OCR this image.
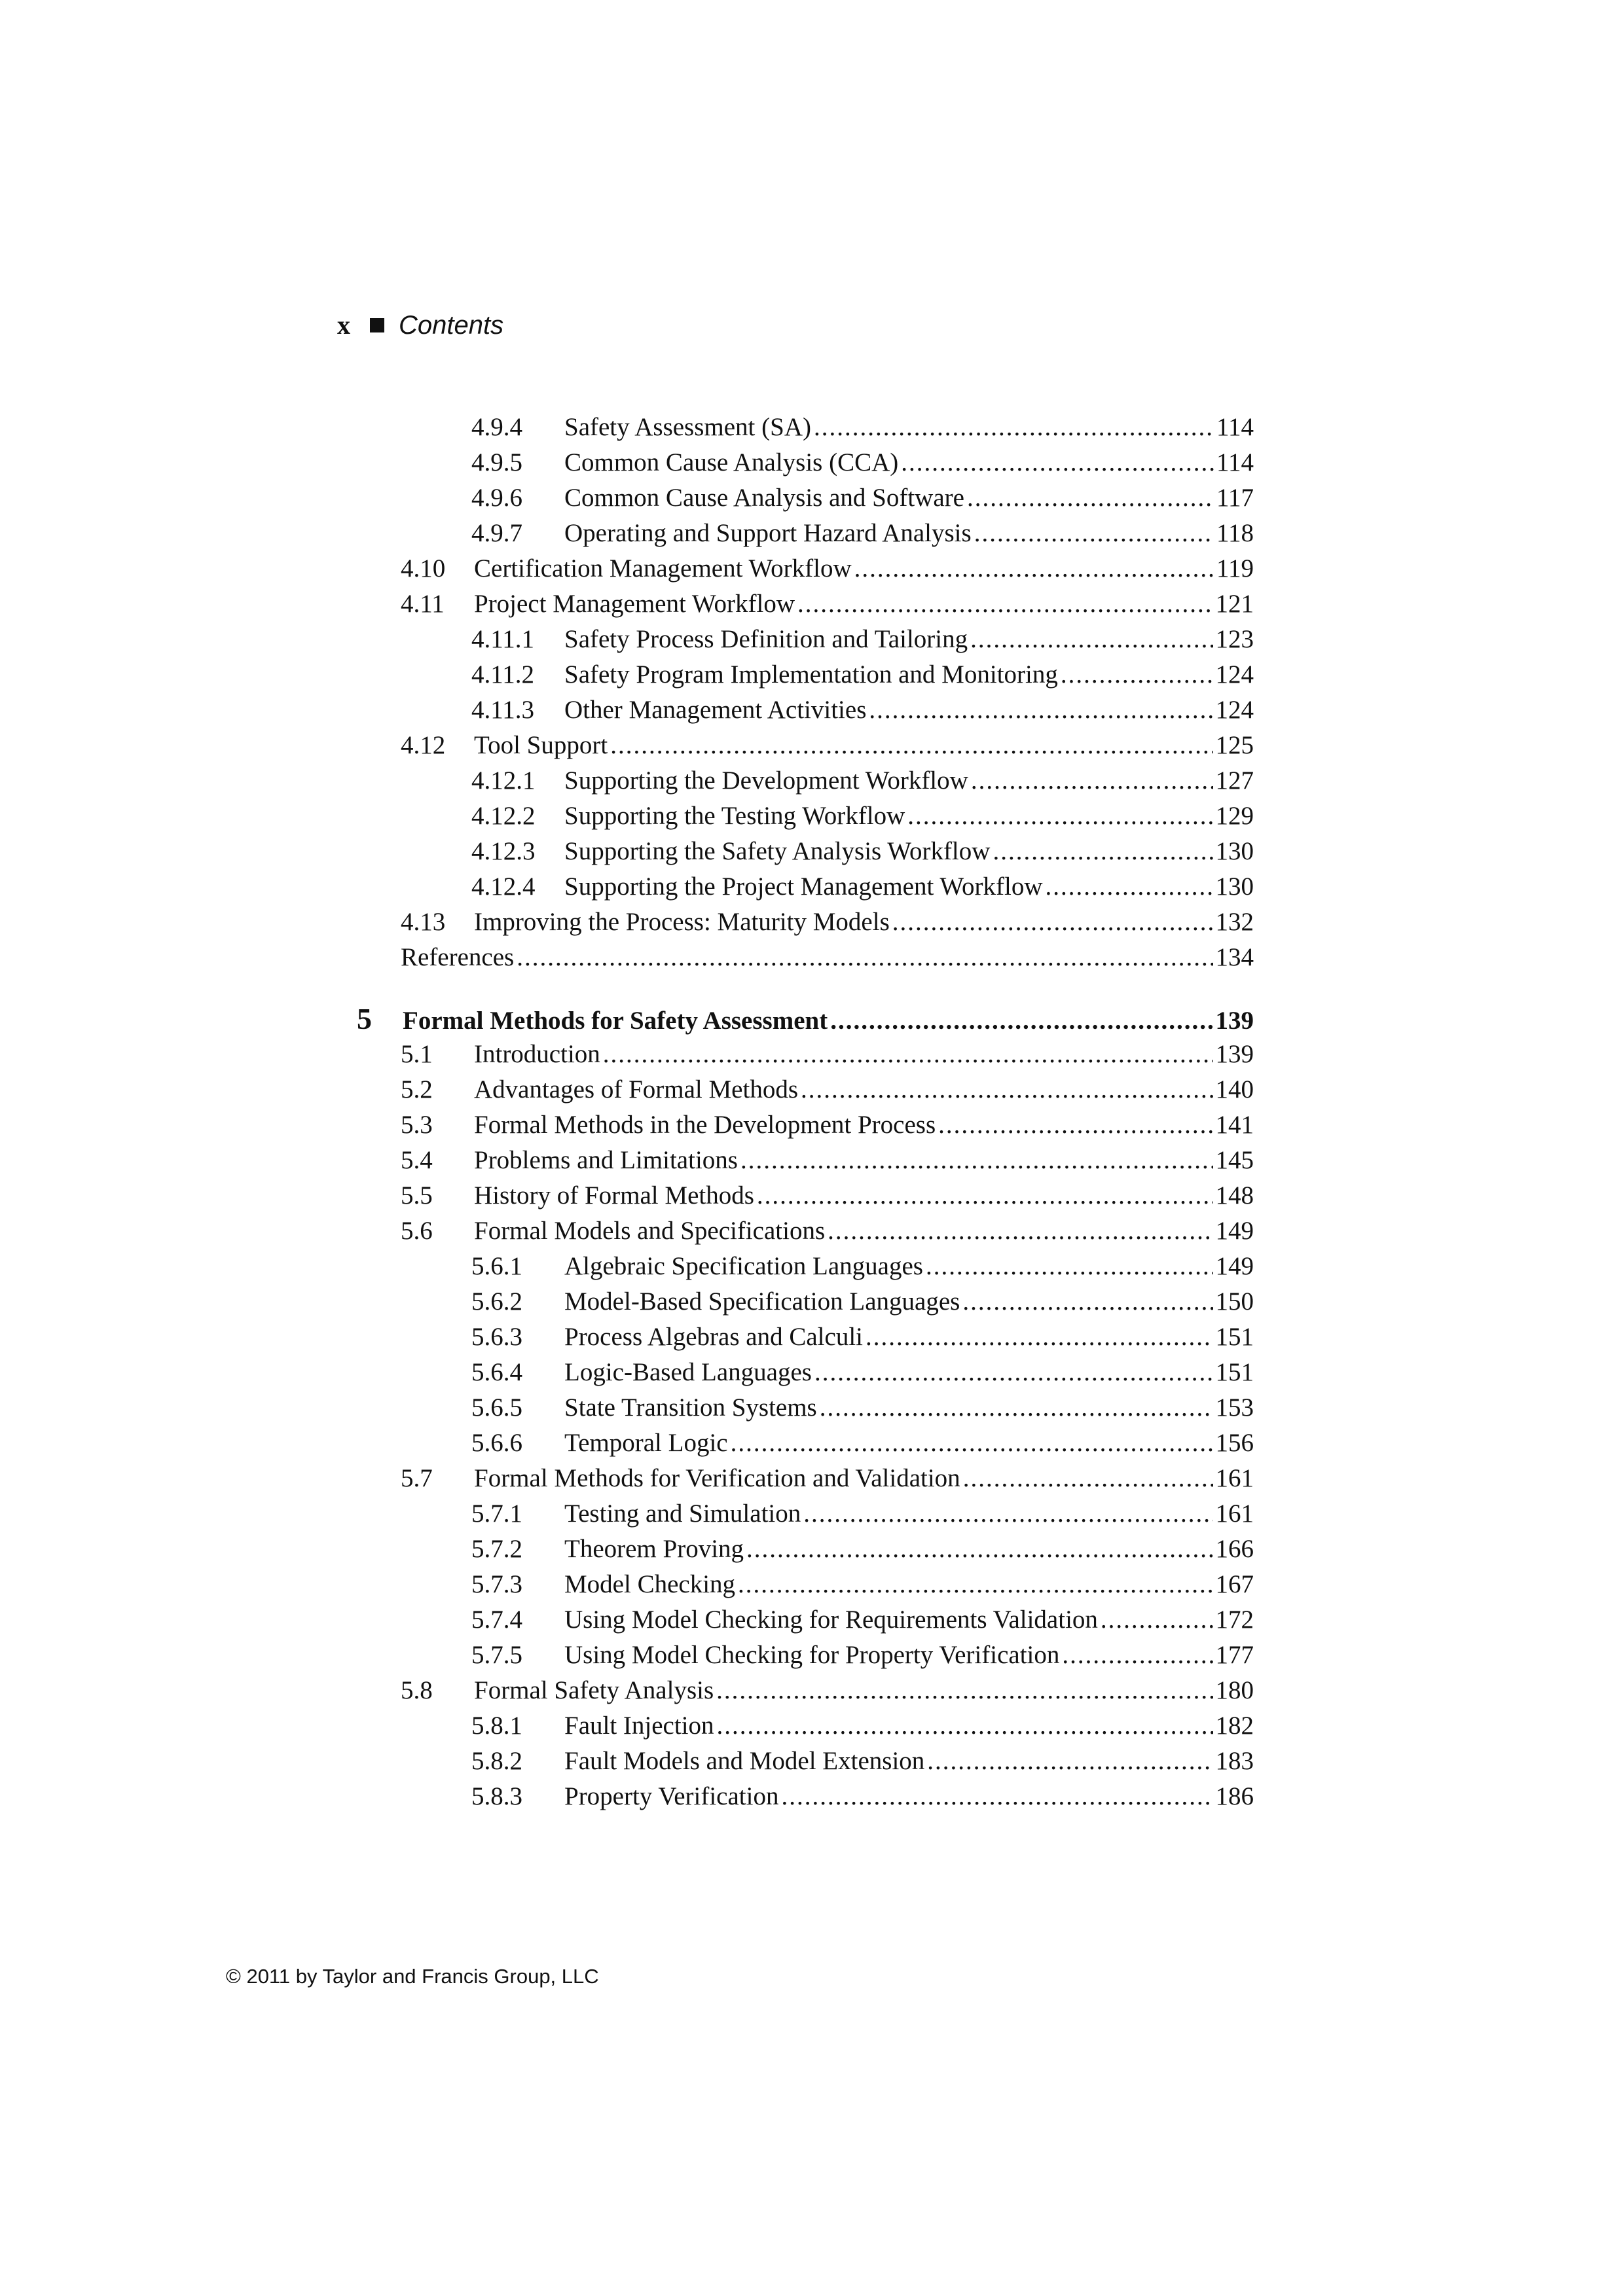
x Contents
4.9.4	Safety Assessment (SA) .....	114
4.9.5	Common Cause Analysis (CCA) .....	114
4.9.6	Common Cause Analysis and Software .....	117
4.9.7	Operating and Support Hazard Analysis .....	118
4.10	Certification Management Workflow .....	119
4.11	Project Management Workflow .....	121
4.11.1	Safety Process Definition and Tailoring .....	123
4.11.2	Safety Program Implementation and Monitoring .....	124
4.11.3	Other Management Activities .....	124
4.12	Tool Support .....	125
4.12.1	Supporting the Development Workflow .....	127
4.12.2	Supporting the Testing Workflow .....	129
4.12.3	Supporting the Safety Analysis Workflow .....	130
4.12.4	Supporting the Project Management Workflow .....	130
4.13	Improving the Process: Maturity Models .....	132
References .....	134
5	Formal Methods for Safety Assessment .....	139
5.1	Introduction .....	139
5.2	Advantages of Formal Methods .....	140
5.3	Formal Methods in the Development Process .....	141
5.4	Problems and Limitations .....	145
5.5	History of Formal Methods .....	148
5.6	Formal Models and Specifications .....	149
5.6.1	Algebraic Specification Languages .....	149
5.6.2	Model-Based Specification Languages .....	150
5.6.3	Process Algebras and Calculi .....	151
5.6.4	Logic-Based Languages .....	151
5.6.5	State Transition Systems .....	153
5.6.6	Temporal Logic .....	156
5.7	Formal Methods for Verification and Validation .....	161
5.7.1	Testing and Simulation .....	161
5.7.2	Theorem Proving .....	166
5.7.3	Model Checking .....	167
5.7.4	Using Model Checking for Requirements Validation .....	172
5.7.5	Using Model Checking for Property Verification .....	177
5.8	Formal Safety Analysis .....	180
5.8.1	Fault Injection .....	182
5.8.2	Fault Models and Model Extension .....	183
5.8.3	Property Verification .....	186
© 2011 by Taylor and Francis Group, LLC
